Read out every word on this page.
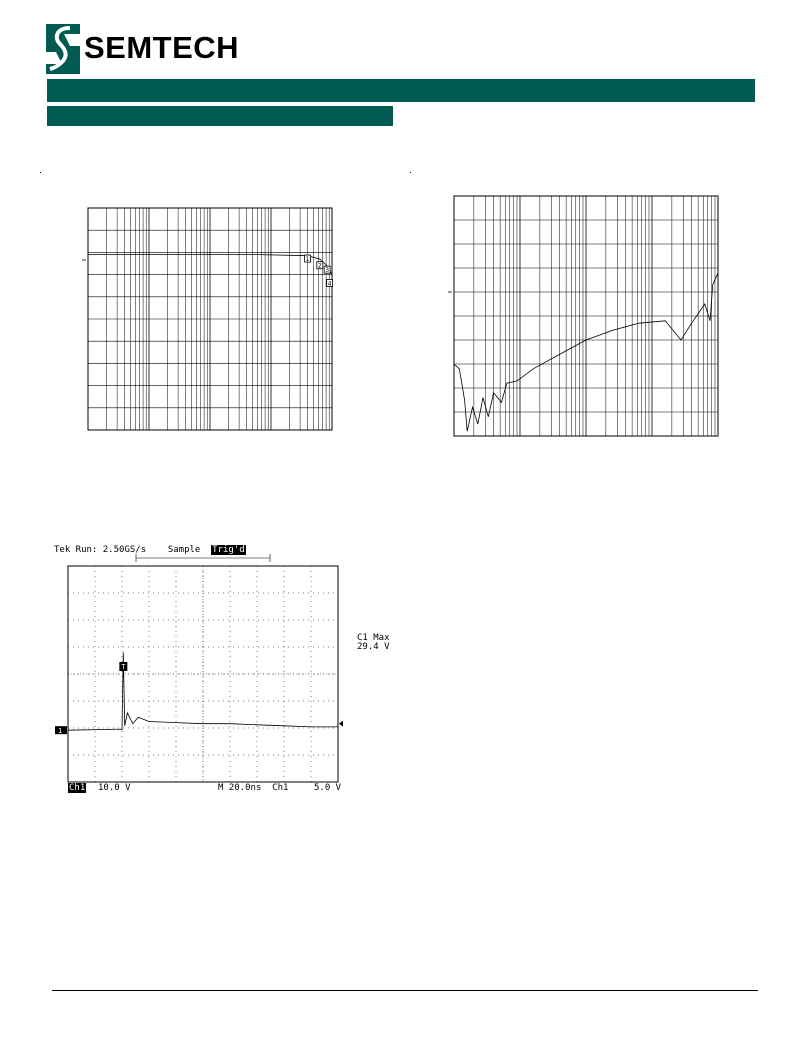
SEMTECH
1
2
3
4
Tek Run: 2.50GS/s Sample Trig'd
T
1
C1 Max
29.4 V
Ch1 10.0 V	M 20.0ns  Ch1	5.0 V
